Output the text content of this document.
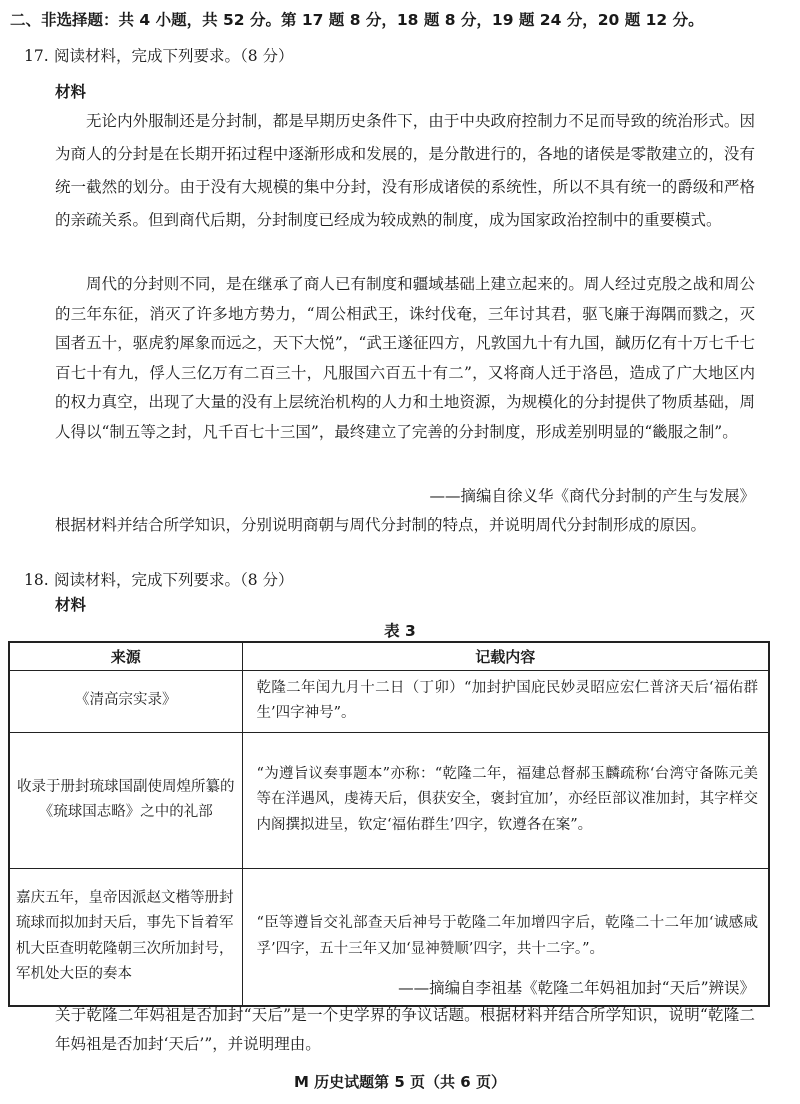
二、非选择题：共 4 小题，共 52 分。第 17 题 8 分，18 题 8 分，19 题 24 分，20 题 12 分。
17. 阅读材料，完成下列要求。（8 分）
材料

无论内外服制还是分封制，都是早期历史条件下，由于中央政府控制力不足而导致的统治形式。因为商人的分封是在长期开拓过程中逐渐形成和发展的，是分散进行的，各地的诸侯是零散建立的，没有统一截然的划分。由于没有大规模的集中分封，没有形成诸侯的系统性，所以不具有统一的爵级和严格的亲疏关系。但到商代后期，分封制度已经成为较成熟的制度，成为国家政治控制中的重要模式。

周代的分封则不同，是在继承了商人已有制度和疆域基础上建立起来的。周人经过克殷之战和周公的三年东征，消灭了许多地方势力，“周公相武王，诛纣伐奄，三年讨其君，驱飞廉于海隅而戮之，灭国者五十，驱虎豹犀象而远之，天下大悦”，“武王遂征四方，凡敦国九十有九国，馘历亿有十万七千七百七十有九，俘人三亿万有二百三十，凡服国六百五十有二”，又将商人迁于洛邑，造成了广大地区内的权力真空，出现了大量的没有上层统治机构的人力和土地资源，为规模化的分封提供了物质基础，周人得以“制五等之封，凡千百七十三国”，最终建立了完善的分封制度，形成差别明显的“畿服之制”。

——摘编自徐义华《商代分封制的产生与发展》

根据材料并结合所学知识，分别说明商朝与周代分封制的特点，并说明周代分封制形成的原因。

18. 阅读材料，完成下列要求。（8 分）
材料
表 3
来源	记载内容
《清高宗实录》	乾隆二年闰九月十二日（丁卯）“加封护国庇民妙灵昭应宏仁普济天后‘福佑群生’四字神号”。
收录于册封琉球国副使周煌所纂的《琉球国志略》之中的礼部	“为遵旨议奏事题本”亦称：“乾隆二年，福建总督郝玉麟疏称‘台湾守备陈元美等在洋遇风，虔祷天后，俱获安全，褒封宜加’，亦经臣部议准加封，其字样交内阁撰拟进呈，钦定‘福佑群生’四字，钦遵各在案”。
嘉庆五年，皇帝因派赵文楷等册封琉球而拟加封天后，事先下旨着军机大臣查明乾隆朝三次所加封号，军机处大臣的奏本	“臣等遵旨交礼部查天后神号于乾隆二年加增四字后，乾隆二十二年加‘诚感咸孚’四字，五十三年又加‘显神赞顺’四字，共十二字。”。
——摘编自李祖基《乾隆二年妈祖加封“天后”辨误》

关于乾隆二年妈祖是否加封“天后”是一个史学界的争议话题。根据材料并结合所学知识，说明“乾隆二年妈祖是否加封‘天后’”，并说明理由。

M 历史试题第 5 页（共 6 页）
